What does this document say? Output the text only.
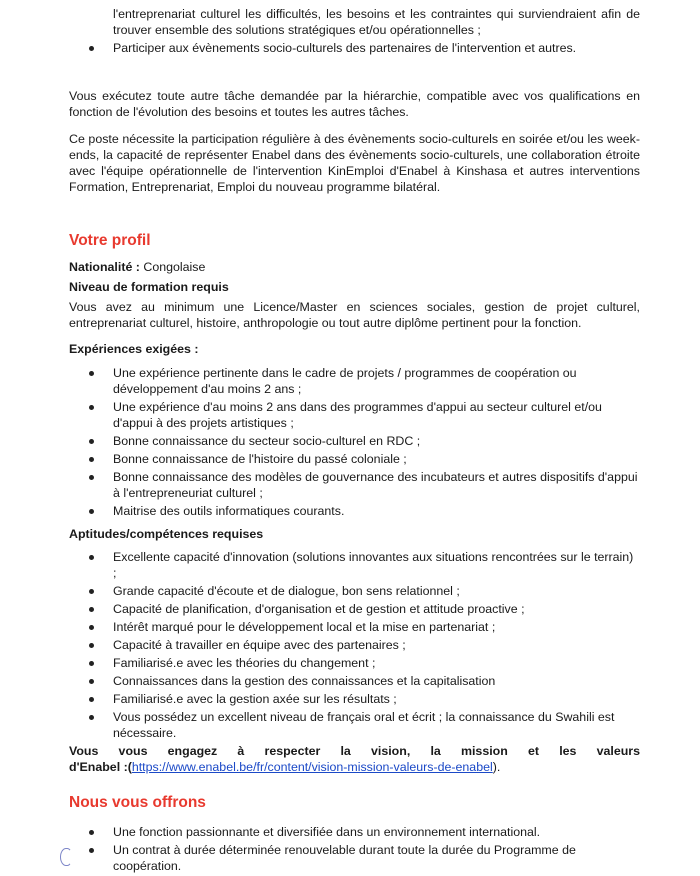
l'entreprenariat culturel les difficultés, les besoins et les contraintes qui surviendraient afin de
trouver ensemble des solutions stratégiques et/ou opérationnelles ;
Participer aux évènements socio-culturels des partenaires de l'intervention et autres.
Vous exécutez toute autre tâche demandée par la hiérarchie, compatible avec vos qualifications en fonction de l'évolution des besoins et toutes les autres tâches.
Ce poste nécessite la participation régulière à des évènements socio-culturels en soirée et/ou les week-ends, la capacité de représenter Enabel dans des évènements socio-culturels, une collaboration étroite avec l'équipe opérationnelle de l'intervention KinEmploi d'Enabel à Kinshasa et autres interventions Formation, Entreprenariat, Emploi du nouveau programme bilatéral.
Votre profil
Nationalité : Congolaise
Niveau de formation requis
Vous avez au minimum une Licence/Master en sciences sociales, gestion de projet culturel, entreprenariat culturel, histoire, anthropologie ou tout autre diplôme pertinent pour la fonction.
Expériences exigées :
Une expérience pertinente dans le cadre de projets / programmes de coopération ou développement d'au moins 2 ans ;
Une expérience d'au moins 2 ans dans des programmes d'appui au secteur culturel et/ou d'appui à des projets artistiques ;
Bonne connaissance du secteur socio-culturel en RDC ;
Bonne connaissance de l'histoire du passé coloniale ;
Bonne connaissance des modèles de gouvernance des incubateurs et autres dispositifs d'appui à l'entrepreneuriat culturel ;
Maitrise des outils informatiques courants.
Aptitudes/compétences requises
Excellente capacité d'innovation (solutions innovantes aux situations rencontrées sur le terrain) ;
Grande capacité d'écoute et de dialogue, bon sens relationnel ;
Capacité de planification, d'organisation et de gestion et attitude proactive ;
Intérêt marqué pour le développement local et la mise en partenariat ;
Capacité à travailler en équipe avec des partenaires ;
Familiarisé.e avec les théories du changement ;
Connaissances dans la gestion des connaissances et la capitalisation
Familiarisé.e avec la gestion axée sur les résultats ;
Vous possédez un excellent niveau de français oral et écrit ; la connaissance du Swahili est nécessaire.
Vous vous engagez à respecter la vision, la mission et les valeurs
d'Enabel :(https://www.enabel.be/fr/content/vision-mission-valeurs-de-enabel).
Nous vous offrons
Une fonction passionnante et diversifiée dans un environnement international.
Un contrat à durée déterminée renouvelable durant toute la durée du Programme de coopération.
